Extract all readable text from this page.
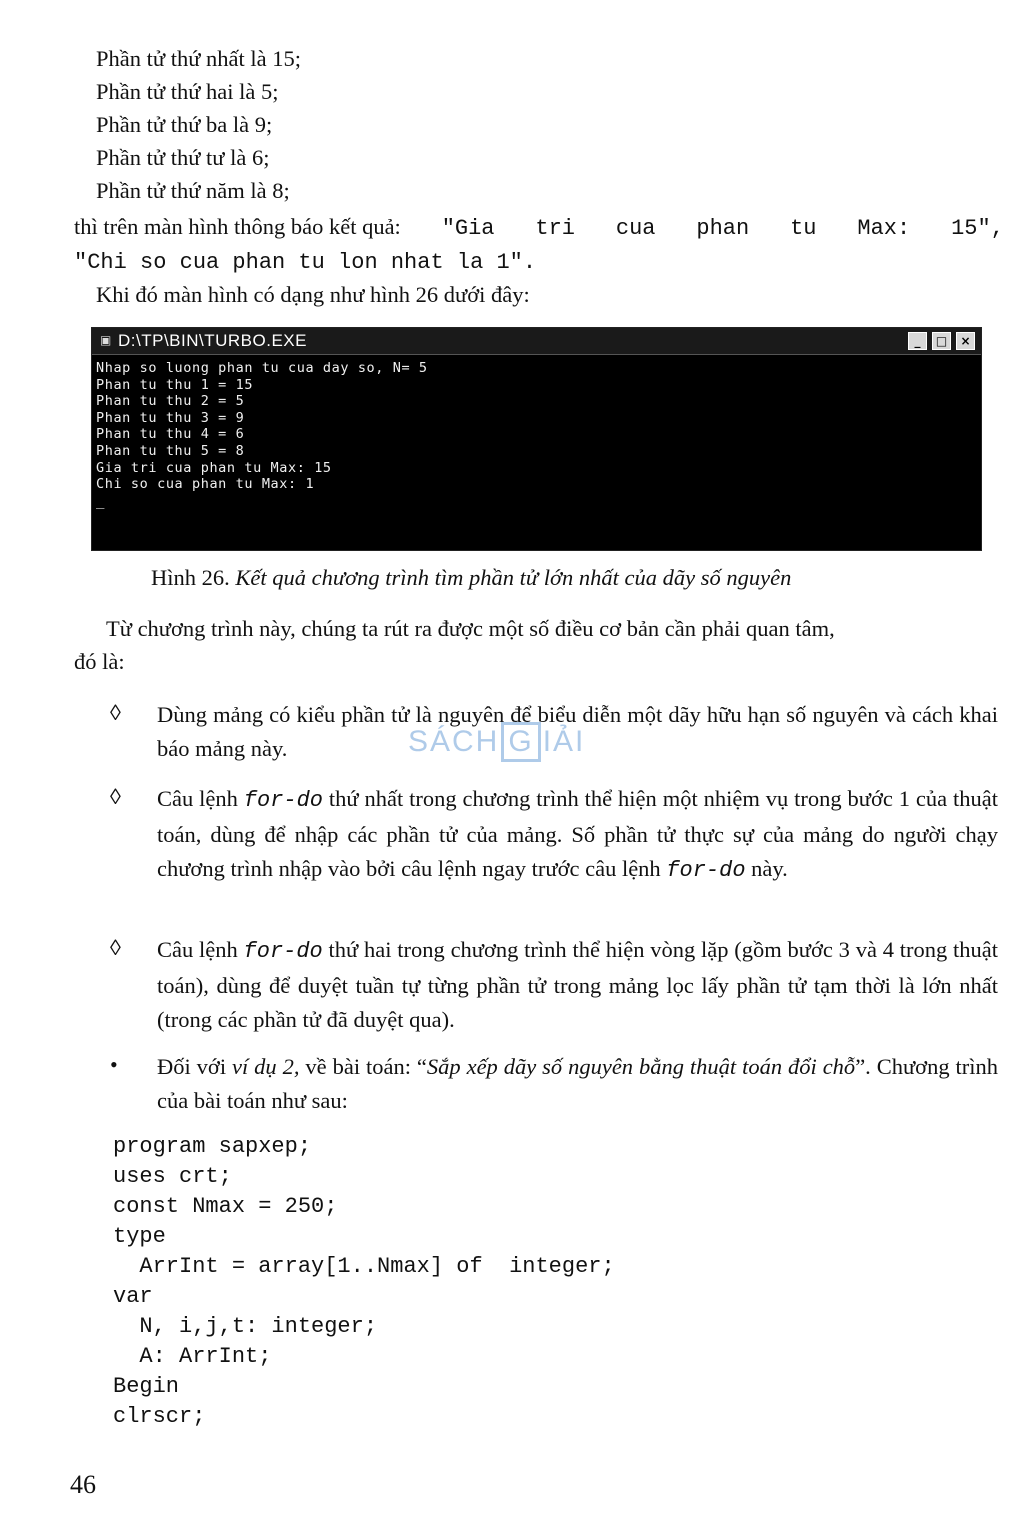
Phần tử thứ nhất là 15;
Phần tử thứ hai là 5;
Phần tử thứ ba là 9;
Phần tử thứ tư là 6;
Phần tử thứ năm là 8;
thì trên màn hình thông báo kết quả: "Gia tri cua phan tu Max: 15",
"Chi so cua phan tu lon nhat la 1".
Khi đó màn hình có dạng như hình 26 dưới đây:
▣ D:\TP\BIN\TURBO.EXE	_	□	×
Nhap so luong phan tu cua day so, N= 5
Phan tu thu 1 = 15
Phan tu thu 2 = 5
Phan tu thu 3 = 9
Phan tu thu 4 = 6
Phan tu thu 5 = 8
Gia tri cua phan tu Max: 15
Chi so cua phan tu Max: 1
_
Hình 26. Kết quả chương trình tìm phần tử lớn nhất của dãy số nguyên
Từ chương trình này, chúng ta rút ra được một số điều cơ bản cần phải quan tâm,
đó là:
SÁCH G IẢI
◊ Dùng mảng có kiểu phần tử là nguyên để biểu diễn một dãy hữu hạn số nguyên và cách khai báo mảng này.
◊ Câu lệnh for-do thứ nhất trong chương trình thể hiện một nhiệm vụ trong bước 1 của thuật toán, dùng để nhập các phần tử của mảng. Số phần tử thực sự của mảng do người chạy chương trình nhập vào bởi câu lệnh ngay trước câu lệnh for-do này.
◊ Câu lệnh for-do thứ hai trong chương trình thể hiện vòng lặp (gồm bước 3 và 4 trong thuật toán), dùng để duyệt tuần tự từng phần tử trong mảng lọc lấy phần tử tạm thời là lớn nhất (trong các phần tử đã duyệt qua).
• Đối với ví dụ 2, về bài toán: “Sắp xếp dãy số nguyên bằng thuật toán đổi chỗ”. Chương trình của bài toán như sau:
program sapxep;
uses crt;
const Nmax = 250;
type
ArrInt = array[1..Nmax] of  integer;
var
N, i,j,t: integer;
A: ArrInt;
Begin
clrscr;
46
